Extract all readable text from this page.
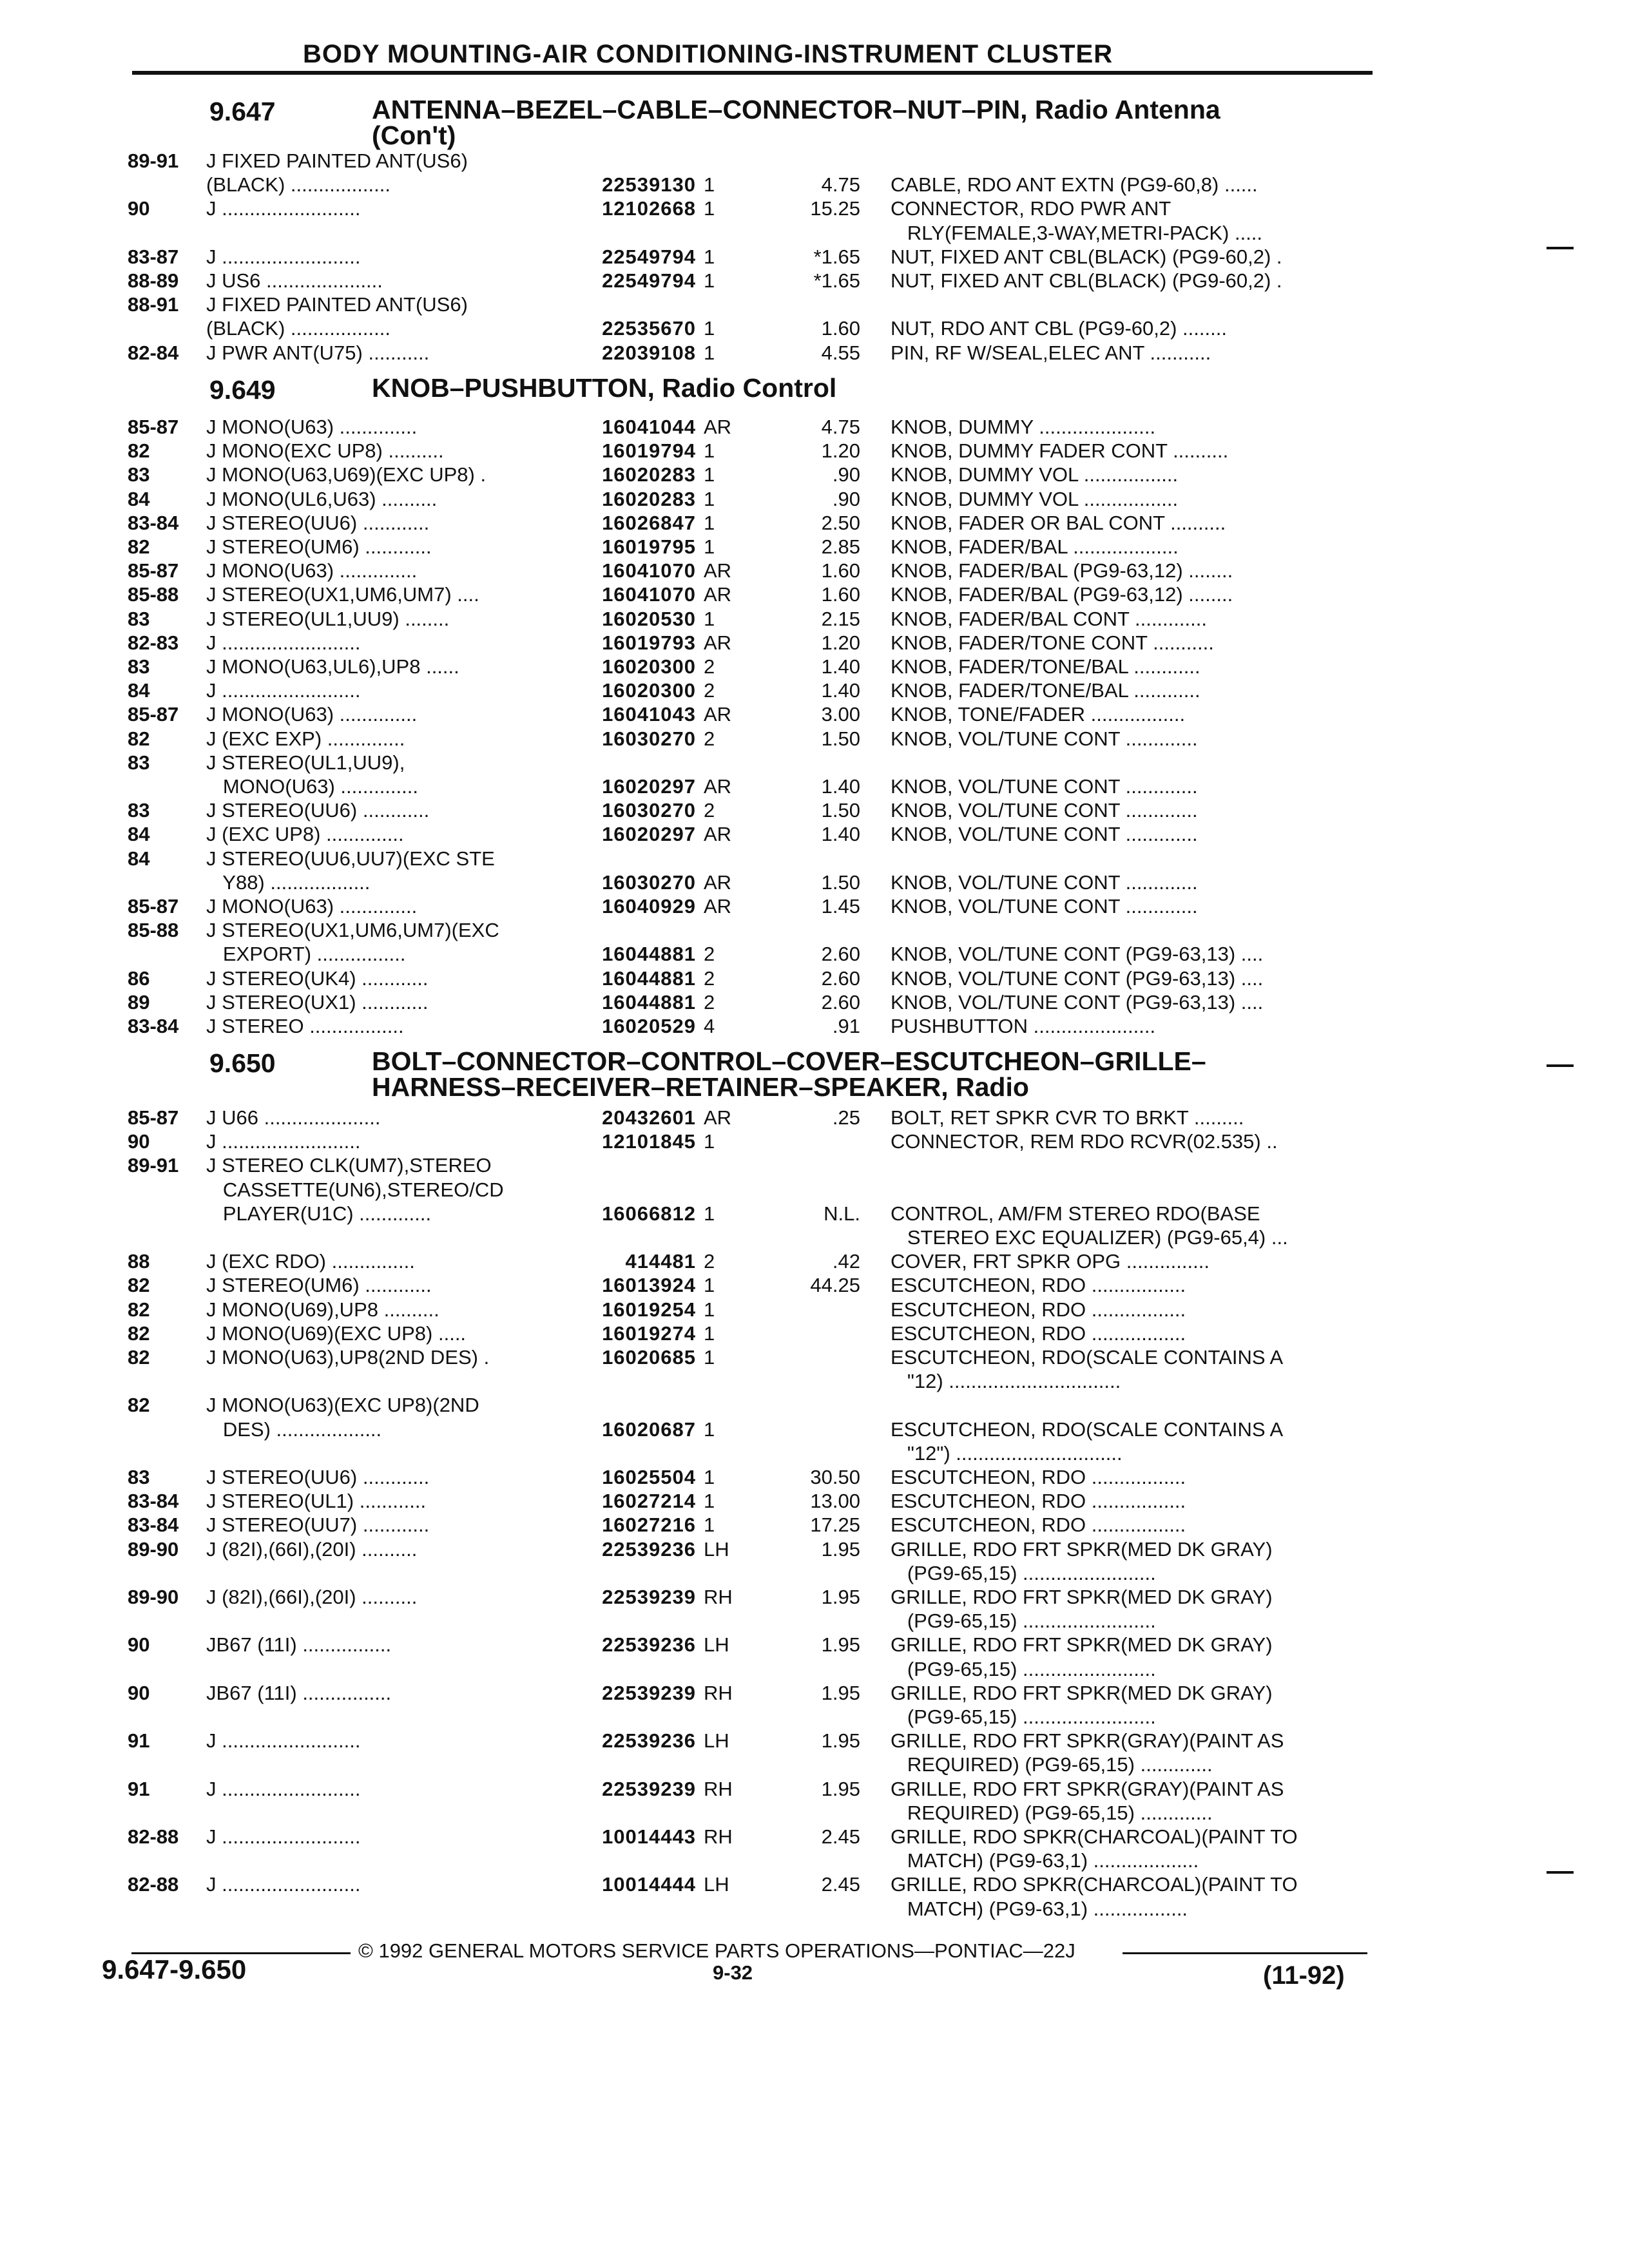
BODY MOUNTING-AIR CONDITIONING-INSTRUMENT CLUSTER
9.647	ANTENNA–BEZEL–CABLE–CONNECTOR–NUT–PIN, Radio Antenna
(Con't)
89-91 J FIXED PAINTED ANT(US6)
(BLACK) ..................	22539130 1	4.75 CABLE, RDO ANT EXTN (PG9-60,8) ......
90	J .........................	12102668 1	15.25 CONNECTOR, RDO PWR ANT
RLY(FEMALE,3-WAY,METRI-PACK) .....
83-87 J .........................	22549794 1	*1.65 NUT, FIXED ANT CBL(BLACK) (PG9-60,2) .
88-89 J US6 .....................	22549794 1	*1.65 NUT, FIXED ANT CBL(BLACK) (PG9-60,2) .
88-91 J FIXED PAINTED ANT(US6)
(BLACK) ..................	22535670 1	1.60 NUT, RDO ANT CBL (PG9-60,2) ........
82-84 J PWR ANT(U75) ...........	22039108 1	4.55 PIN, RF W/SEAL,ELEC ANT ...........
9.649	KNOB–PUSHBUTTON, Radio Control
85-87 J MONO(U63) ..............	16041044 AR	4.75 KNOB, DUMMY .....................
82	J MONO(EXC UP8) ..........	16019794 1	1.20 KNOB, DUMMY FADER CONT ..........
83	J MONO(U63,U69)(EXC UP8) .	16020283 1	.90 KNOB, DUMMY VOL .................
84	J MONO(UL6,U63) ..........	16020283 1	.90 KNOB, DUMMY VOL .................
83-84 J STEREO(UU6) ............	16026847 1	2.50 KNOB, FADER OR BAL CONT ..........
82	J STEREO(UM6) ............	16019795 1	2.85 KNOB, FADER/BAL ...................
85-87 J MONO(U63) ..............	16041070 AR	1.60 KNOB, FADER/BAL (PG9-63,12) ........
85-88 J STEREO(UX1,UM6,UM7) ....	16041070 AR	1.60 KNOB, FADER/BAL (PG9-63,12) ........
83	J STEREO(UL1,UU9) ........	16020530 1	2.15 KNOB, FADER/BAL CONT .............
82-83 J .........................	16019793 AR	1.20 KNOB, FADER/TONE CONT ...........
83	J MONO(U63,UL6),UP8 ......	16020300 2	1.40 KNOB, FADER/TONE/BAL ............
84	J .........................	16020300 2	1.40 KNOB, FADER/TONE/BAL ............
85-87 J MONO(U63) ..............	16041043 AR	3.00 KNOB, TONE/FADER .................
82	J (EXC EXP) ..............	16030270 2	1.50 KNOB, VOL/TUNE CONT .............
83	J STEREO(UL1,UU9),
MONO(U63) ..............	16020297 AR	1.40 KNOB, VOL/TUNE CONT .............
83	J STEREO(UU6) ............	16030270 2	1.50 KNOB, VOL/TUNE CONT .............
84	J (EXC UP8) ..............	16020297 AR	1.40 KNOB, VOL/TUNE CONT .............
84	J STEREO(UU6,UU7)(EXC STE
Y88) ..................	16030270 AR	1.50 KNOB, VOL/TUNE CONT .............
85-87 J MONO(U63) ..............	16040929 AR	1.45 KNOB, VOL/TUNE CONT .............
85-88 J STEREO(UX1,UM6,UM7)(EXC
EXPORT) ................	16044881 2	2.60 KNOB, VOL/TUNE CONT (PG9-63,13) ....
86	J STEREO(UK4) ............	16044881 2	2.60 KNOB, VOL/TUNE CONT (PG9-63,13) ....
89	J STEREO(UX1) ............	16044881 2	2.60 KNOB, VOL/TUNE CONT (PG9-63,13) ....
83-84 J STEREO .................	16020529 4	.91 PUSHBUTTON ......................
9.650	BOLT–CONNECTOR–CONTROL–COVER–ESCUTCHEON–GRILLE–
HARNESS–RECEIVER–RETAINER–SPEAKER, Radio
85-87 J U66 .....................	20432601 AR	.25 BOLT, RET SPKR CVR TO BRKT .........
90	J .........................	12101845 1	CONNECTOR, REM RDO RCVR(02.535) ..
89-91 J STEREO CLK(UM7),STEREO
CASSETTE(UN6),STEREO/CD
PLAYER(U1C) .............	16066812 1	N.L. CONTROL, AM/FM STEREO RDO(BASE
STEREO EXC EQUALIZER) (PG9-65,4) ...
88	J (EXC RDO) ...............	414481 2	.42 COVER, FRT SPKR OPG ...............
82	J STEREO(UM6) ............	16013924 1	44.25 ESCUTCHEON, RDO .................
82	J MONO(U69),UP8 ..........	16019254 1	ESCUTCHEON, RDO .................
82	J MONO(U69)(EXC UP8) .....	16019274 1	ESCUTCHEON, RDO .................
82	J MONO(U63),UP8(2ND DES) .	16020685 1	ESCUTCHEON, RDO(SCALE CONTAINS A
"12) ...............................
82	J MONO(U63)(EXC UP8)(2ND
DES) ...................	16020687 1	ESCUTCHEON, RDO(SCALE CONTAINS A
"12") ..............................
83	J STEREO(UU6) ............	16025504 1	30.50 ESCUTCHEON, RDO .................
83-84 J STEREO(UL1) ............	16027214 1	13.00 ESCUTCHEON, RDO .................
83-84 J STEREO(UU7) ............	16027216 1	17.25 ESCUTCHEON, RDO .................
89-90 J (82I),(66I),(20I) ..........	22539236 LH	1.95 GRILLE, RDO FRT SPKR(MED DK GRAY)
(PG9-65,15) ........................
89-90 J (82I),(66I),(20I) ..........	22539239 RH	1.95 GRILLE, RDO FRT SPKR(MED DK GRAY)
(PG9-65,15) ........................
90	JB67 (11I) ................	22539236 LH	1.95 GRILLE, RDO FRT SPKR(MED DK GRAY)
(PG9-65,15) ........................
90	JB67 (11I) ................	22539239 RH	1.95 GRILLE, RDO FRT SPKR(MED DK GRAY)
(PG9-65,15) ........................
91	J .........................	22539236 LH	1.95 GRILLE, RDO FRT SPKR(GRAY)(PAINT AS
REQUIRED) (PG9-65,15) .............
91	J .........................	22539239 RH	1.95 GRILLE, RDO FRT SPKR(GRAY)(PAINT AS
REQUIRED) (PG9-65,15) .............
82-88 J .........................	10014443 RH	2.45 GRILLE, RDO SPKR(CHARCOAL)(PAINT TO
MATCH) (PG9-63,1) ...................
82-88 J .........................	10014444 LH	2.45 GRILLE, RDO SPKR(CHARCOAL)(PAINT TO
MATCH) (PG9-63,1) .................
© 1992 GENERAL MOTORS SERVICE PARTS OPERATIONS—PONTIAC—22J
9.647-9.650	9-32	(11-92)
